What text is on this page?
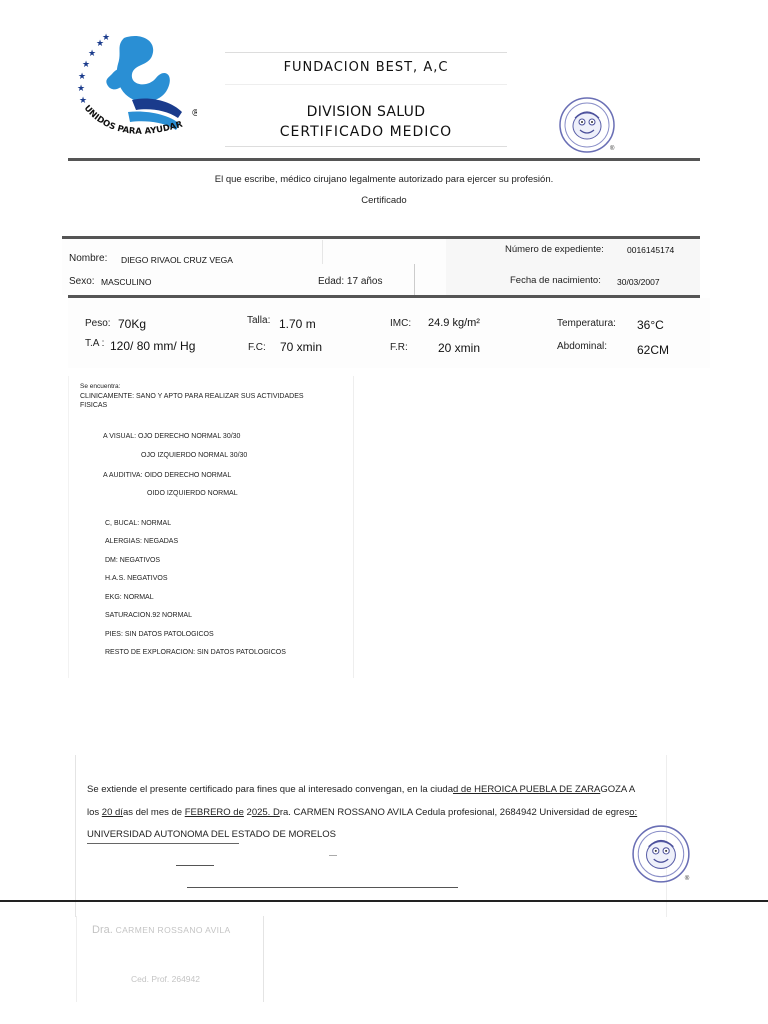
★
★
★
★
★
★
★
®
UNIDOS PARA AYUDAR
FUNDACION BEST, A,C
DIVISION SALUD
CERTIFICADO MEDICO
®
El que escribe, médico cirujano legalmente autorizado para ejercer su profesión.
Certificado
Nombre: DIEGO RIVAOL CRUZ VEGA
Sexo: MASCULINO	Edad: 17 años
Número de expediente:	0016145174
Fecha de nacimiento: 30/03/2007
Peso: 70Kg	Talla: 1.70 m	IMC: 24.9 kg/m²	Temperatura: 36°C
T.A : 120/ 80 mm/ Hg	F.C: 70 xmin	F.R:	20 xmin	Abdominal: 62CM
Se encuentra:
CLINICAMENTE: SANO Y APTO PARA REALIZAR SUS ACTIVIDADES FISICAS
A VISUAL: OJO DERECHO NORMAL 30/30
OJO IZQUIERDO NORMAL 30/30
A AUDITIVA: OIDO DERECHO NORMAL
OIDO IZQUIERDO NORMAL
C, BUCAL: NORMAL
ALERGIAS: NEGADAS
DM: NEGATIVOS
H.A.S. NEGATIVOS
EKG: NORMAL
SATURACION.92 NORMAL
PIES: SIN DATOS PATOLOGICOS
RESTO DE EXPLORACION: SIN DATOS PATOLOGICOS
Se extiende el presente certificado para fines que al interesado convengan, en la ciudad de HEROICA PUEBLA DE ZARAGOZA A
los 20 días del mes de FEBRERO de 2025. Dra. CARMEN ROSSANO AVILA Cedula profesional, 2684942 Universidad de egreso:
UNIVERSIDAD AUTONOMA DEL ESTADO DE MORELOS
®
Dra. CARMEN ROSSANO AVILA
Ced. Prof. 264942
